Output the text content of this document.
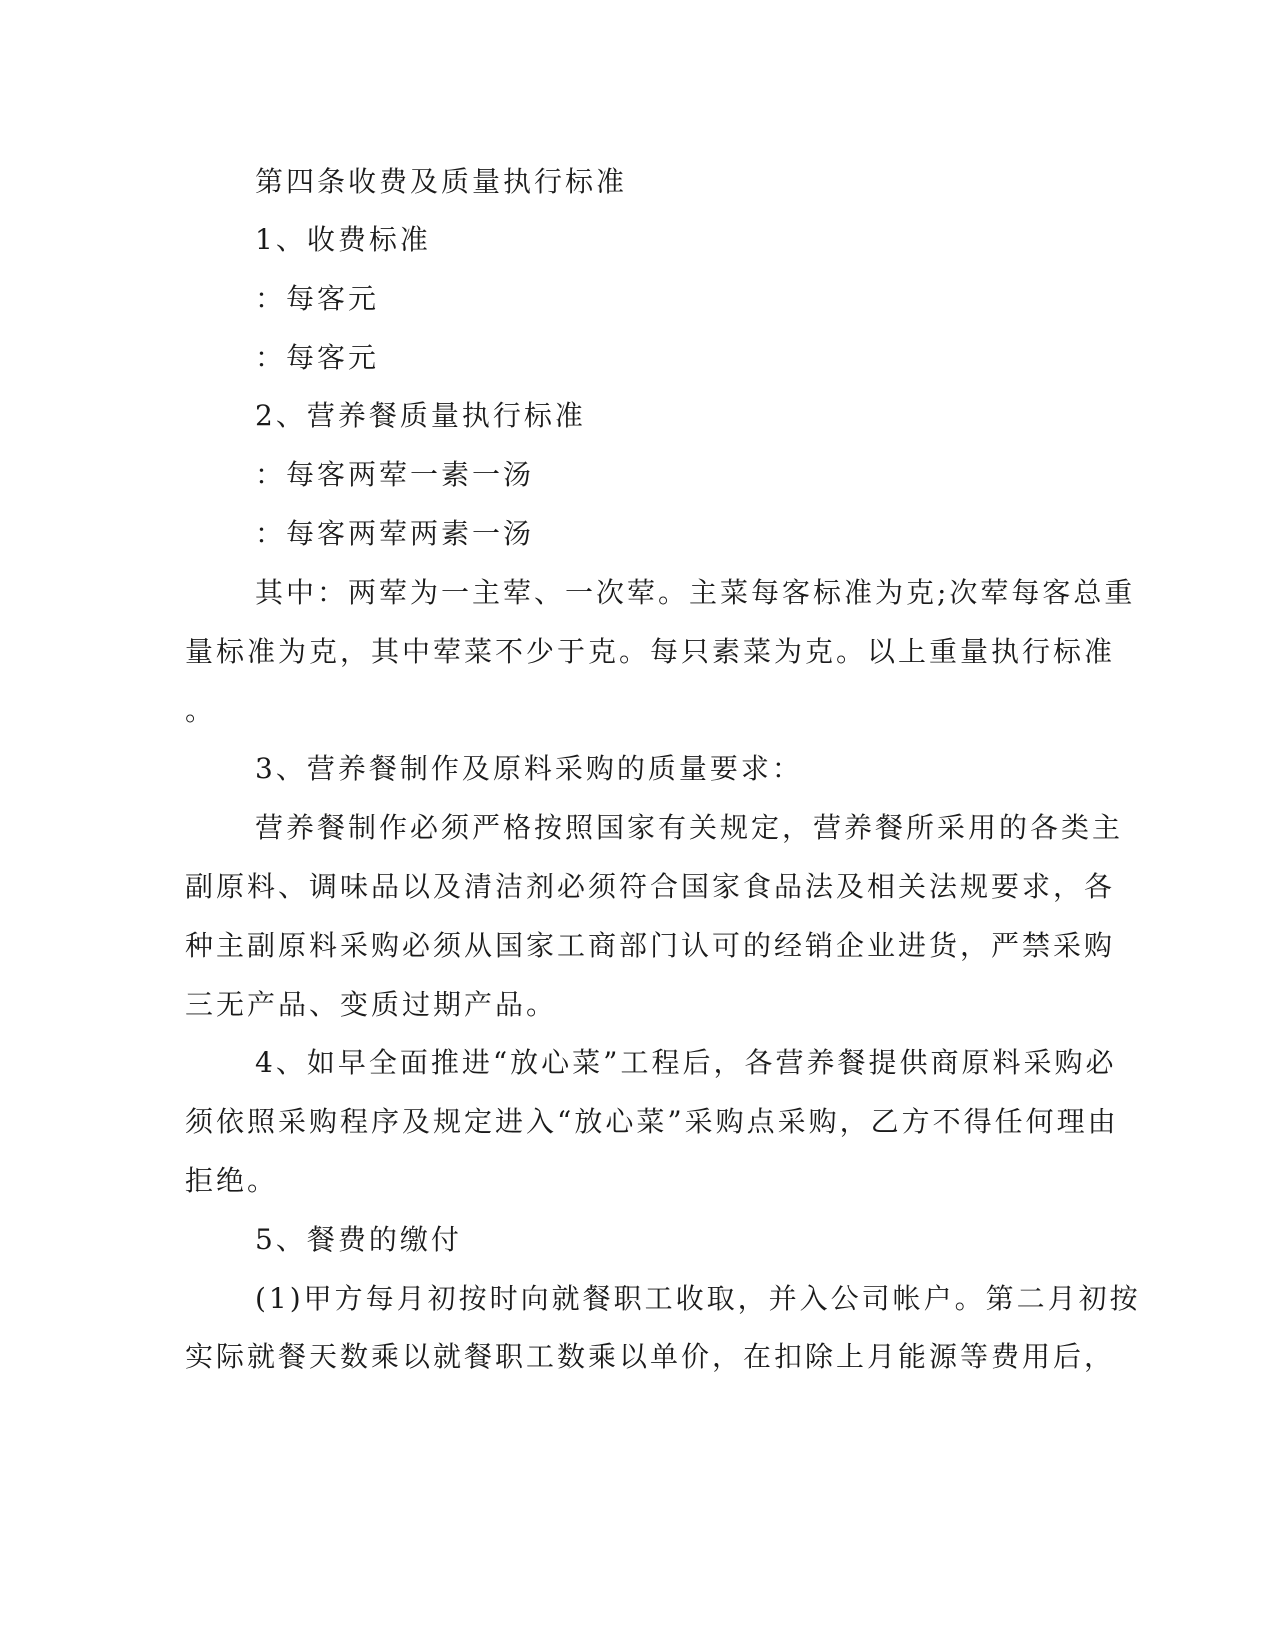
第四条收费及质量执行标准
1、收费标准
：每客元
：每客元
2、营养餐质量执行标准
：每客两荤一素一汤
：每客两荤两素一汤
其中：两荤为一主荤、一次荤。主菜每客标准为克;次荤每客总重
量标准为克，其中荤菜不少于克。每只素菜为克。以上重量执行标准
。
3、营养餐制作及原料采购的质量要求：
营养餐制作必须严格按照国家有关规定，营养餐所采用的各类主
副原料、调味品以及清洁剂必须符合国家食品法及相关法规要求，各
种主副原料采购必须从国家工商部门认可的经销企业进货，严禁采购
三无产品、变质过期产品。
4、如早全面推进“放心菜”工程后，各营养餐提供商原料采购必
须依照采购程序及规定进入“放心菜”采购点采购，乙方不得任何理由
拒绝。
5、餐费的缴付
(1)甲方每月初按时向就餐职工收取，并入公司帐户。第二月初按
实际就餐天数乘以就餐职工数乘以单价，在扣除上月能源等费用后，
